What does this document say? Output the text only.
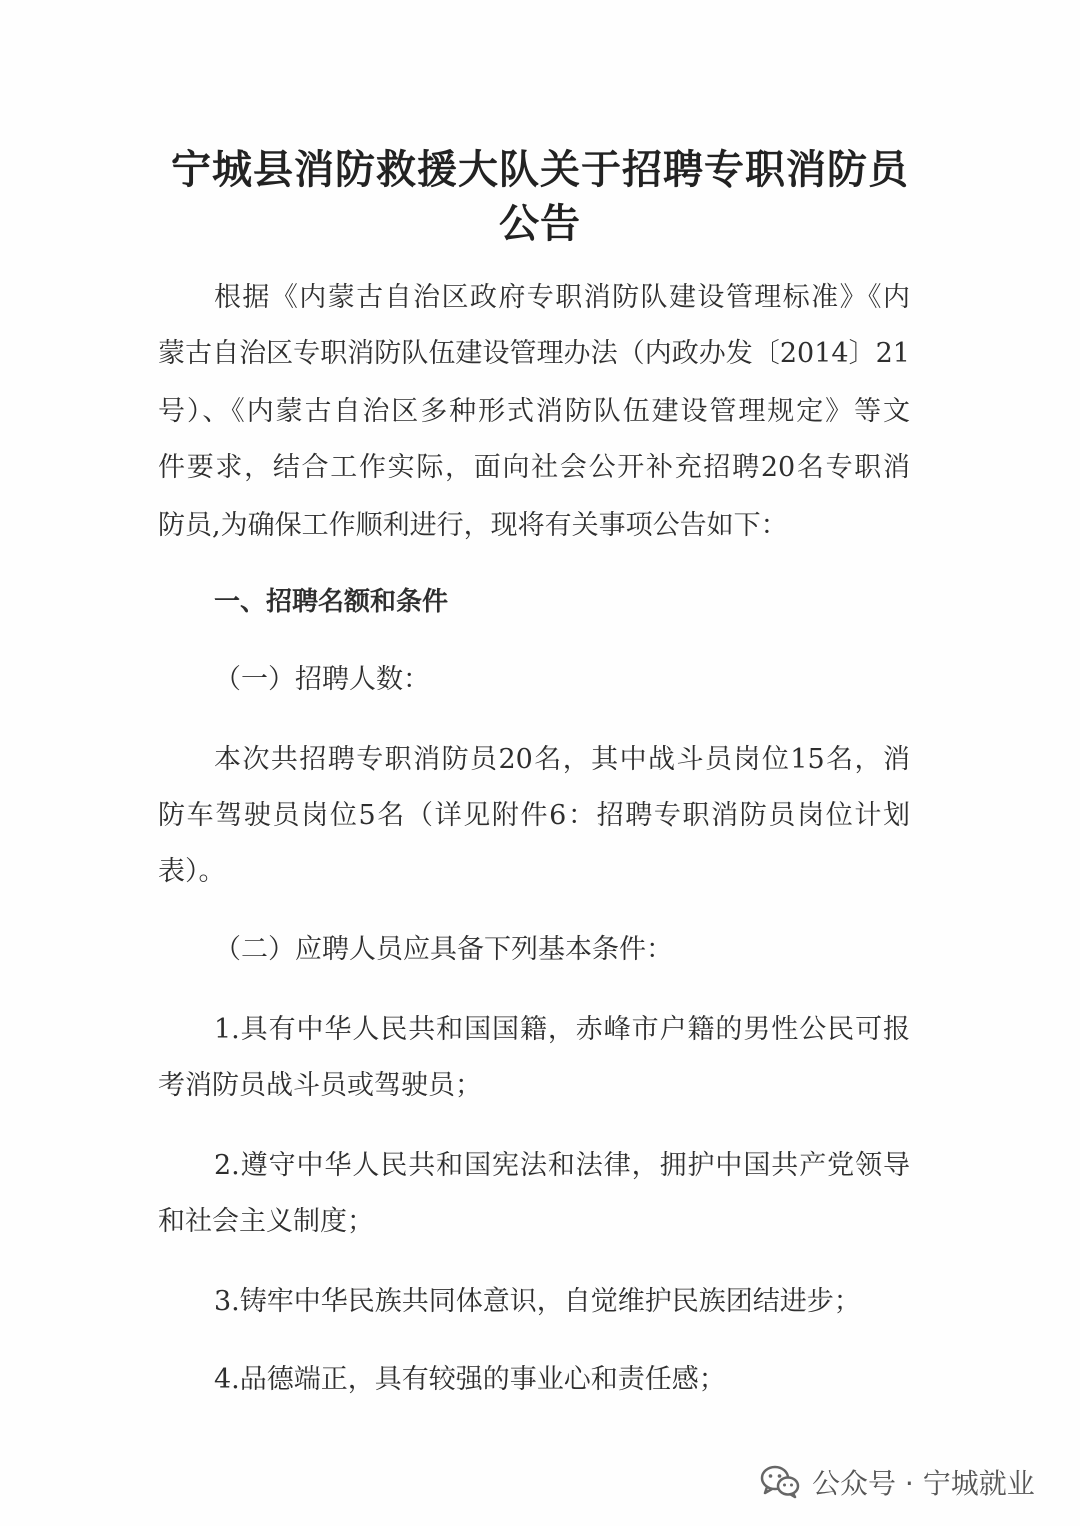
宁城县消防救援大队关于招聘专职消防员
公告

根据《内蒙古自治区政府专职消防队建设管理标准》《内

蒙古自治区专职消防队伍建设管理办法（内政办发〔2014〕21

号）、《内蒙古自治区多种形式消防队伍建设管理规定》等文

件要求，结合工作实际，面向社会公开补充招聘20名专职消

防员,为确保工作顺利进行，现将有关事项公告如下：

一、招聘名额和条件

（一）招聘人数：

本次共招聘专职消防员20名，其中战斗员岗位15名，消

防车驾驶员岗位5名（详见附件6：招聘专职消防员岗位计划

表）。

（二）应聘人员应具备下列基本条件：

1.具有中华人民共和国国籍，赤峰市户籍的男性公民可报

考消防员战斗员或驾驶员；

2.遵守中华人民共和国宪法和法律，拥护中国共产党领导

和社会主义制度；

3.铸牢中华民族共同体意识，自觉维护民族团结进步；

4.品德端正，具有较强的事业心和责任感；

公众号 · 宁城就业
